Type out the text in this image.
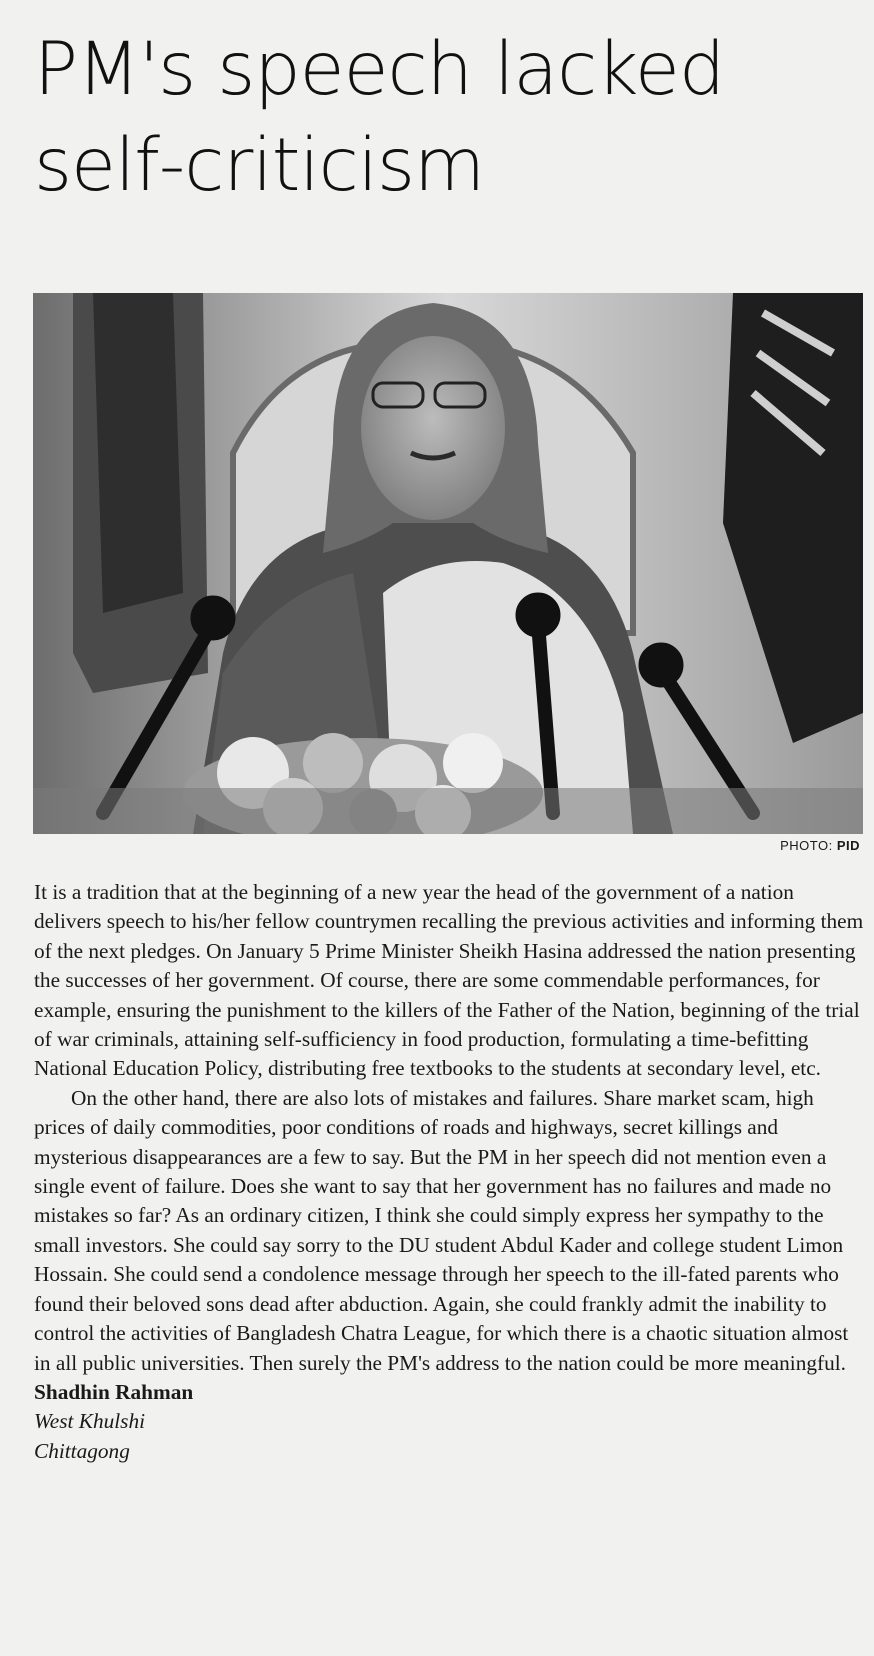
PM's speech lacked
self-criticism
PHOTO: PID

It is a tradition that at the beginning of a new year the head of the government of a nation delivers speech to his/her fellow countrymen recalling the previous activities and informing them of the next pledges. On January 5 Prime Minister Sheikh Hasina addressed the nation presenting the successes of her government. Of course, there are some commendable performances, for example, ensuring the punishment to the killers of the Father of the Nation, beginning of the trial of war criminals, attaining self-sufficiency in food production, formulating a time-befitting National Education Policy, distributing free textbooks to the students at secondary level, etc.

On the other hand, there are also lots of mistakes and failures. Share market scam, high prices of daily commodities, poor conditions of roads and highways, secret killings and mysterious disappearances are a few to say. But the PM in her speech did not mention even a single event of failure. Does she want to say that her government has no failures and made no mistakes so far? As an ordinary citizen, I think she could simply express her sympathy to the small investors. She could say sorry to the DU student Abdul Kader and college student Limon Hossain. She could send a condolence message through her speech to the ill-fated parents who found their beloved sons dead after abduction. Again, she could frankly admit the inability to control the activities of Bangladesh Chatra League, for which there is a chaotic situation almost in all public universities. Then surely the PM's address to the nation could be more meaningful.

Shadhin Rahman
West Khulshi
Chittagong
